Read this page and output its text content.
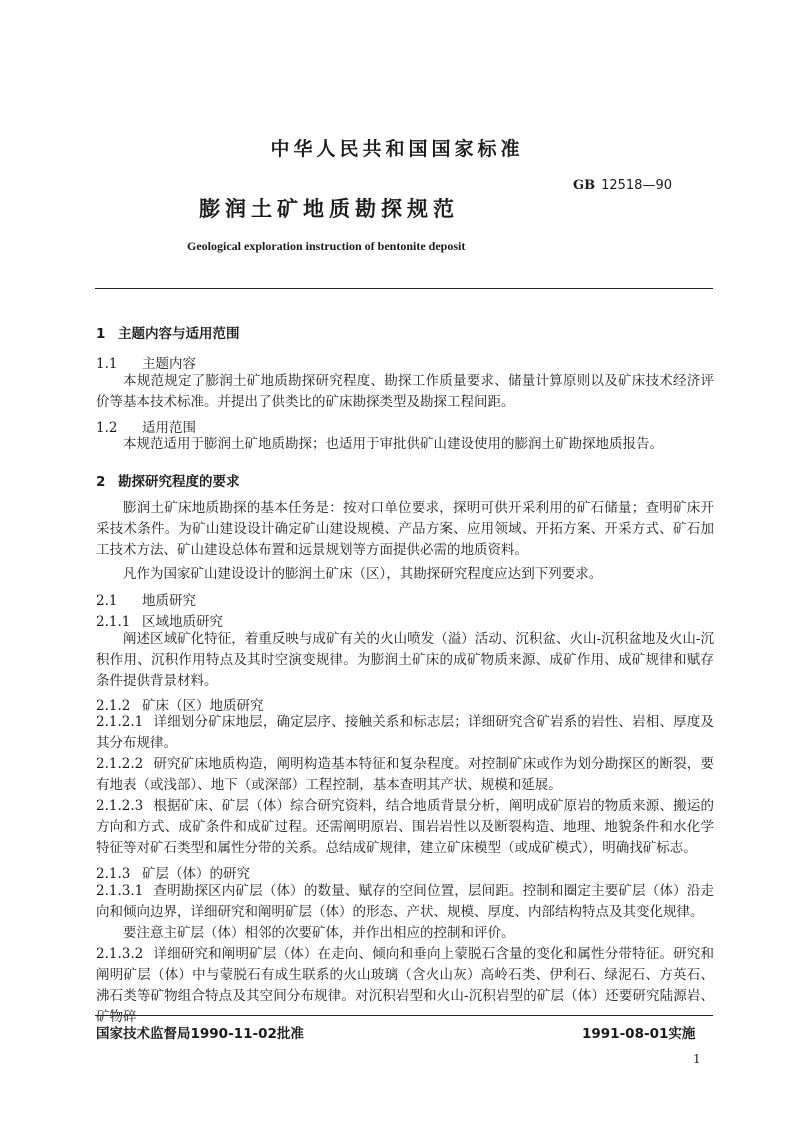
中华人民共和国国家标准
GB 12518—90
膨润土矿地质勘探规范
Geological exploration instruction of bentonite deposit
1 主题内容与适用范围
1.1 主题内容
本规范规定了膨润土矿地质勘探研究程度、勘探工作质量要求、储量计算原则以及矿床技术经济评价等基本技术标准。并提出了供类比的矿床勘探类型及勘探工程间距。
1.2 适用范围
本规范适用于膨润土矿地质勘探；也适用于审批供矿山建设使用的膨润土矿勘探地质报告。
2 勘探研究程度的要求
膨润土矿床地质勘探的基本任务是：按对口单位要求，探明可供开采利用的矿石储量；查明矿床开采技术条件。为矿山建设设计确定矿山建设规模、产品方案、应用领域、开拓方案、开采方式、矿石加工技术方法、矿山建设总体布置和远景规划等方面提供必需的地质资料。
凡作为国家矿山建设设计的膨润土矿床（区），其勘探研究程度应达到下列要求。
2.1 地质研究
2.1.1 区域地质研究
阐述区域矿化特征，着重反映与成矿有关的火山喷发（溢）活动、沉积盆、火山-沉积盆地及火山-沉积作用、沉积作用特点及其时空演变规律。为膨润土矿床的成矿物质来源、成矿作用、成矿规律和赋存条件提供背景材料。
2.1.2 矿床（区）地质研究
2.1.2.1 详细划分矿床地层，确定层序、接触关系和标志层；详细研究含矿岩系的岩性、岩相、厚度及其分布规律。
2.1.2.2 研究矿床地质构造，阐明构造基本特征和复杂程度。对控制矿床或作为划分勘探区的断裂，要有地表（或浅部）、地下（或深部）工程控制，基本查明其产状、规模和延展。
2.1.2.3 根据矿床、矿层（体）综合研究资料，结合地质背景分析，阐明成矿原岩的物质来源、搬运的方向和方式、成矿条件和成矿过程。还需阐明原岩、围岩岩性以及断裂构造、地理、地貌条件和水化学特征等对矿石类型和属性分带的关系。总结成矿规律，建立矿床模型（或成矿模式），明确找矿标志。
2.1.3 矿层（体）的研究
2.1.3.1 查明勘探区内矿层（体）的数量、赋存的空间位置，层间距。控制和圈定主要矿层（体）沿走向和倾向边界，详细研究和阐明矿层（体）的形态、产状、规模、厚度、内部结构特点及其变化规律。
要注意主矿层（体）相邻的次要矿体，并作出相应的控制和评价。
2.1.3.2 详细研究和阐明矿层（体）在走向、倾向和垂向上蒙脱石含量的变化和属性分带特征。研究和阐明矿层（体）中与蒙脱石有成生联系的火山玻璃（含火山灰）高岭石类、伊利石、绿泥石、方英石、沸石类等矿物组合特点及其空间分布规律。对沉积岩型和火山-沉积岩型的矿层（体）还要研究陆源岩、矿物碎
国家技术监督局1990-11-02批准	1991-08-01实施
1
